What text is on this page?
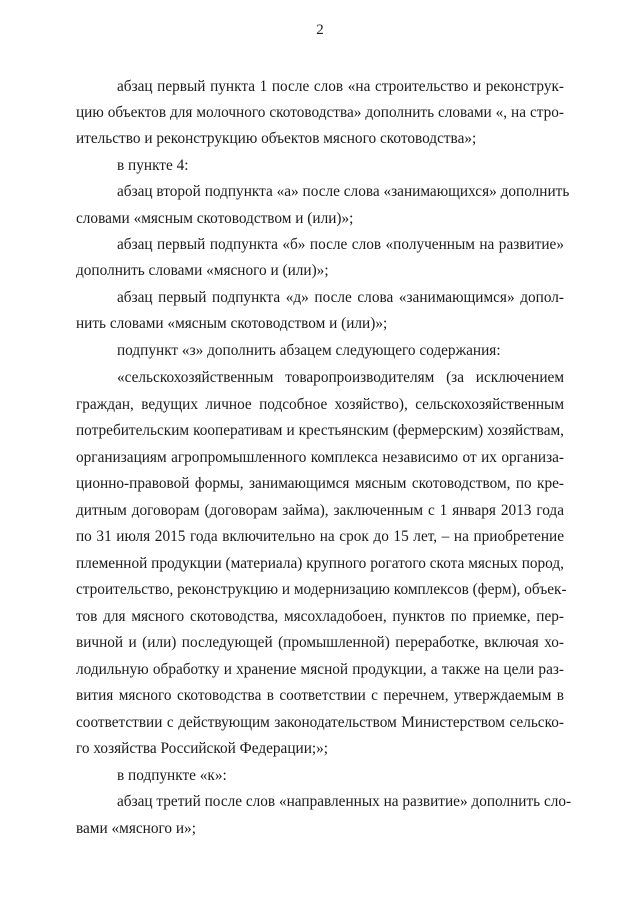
2
абзац первый пункта 1 после слов «на строительство и реконструк-
цию объектов для молочного скотоводства» дополнить словами «, на стро-
ительство и реконструкцию объектов мясного скотоводства»;
в пункте 4:
абзац второй подпункта «а» после слова «занимающихся» дополнить
словами «мясным скотоводством и (или)»;
абзац первый подпункта «б» после слов «полученным на развитие»
дополнить словами «мясного и (или)»;
абзац первый подпункта «д» после слова «занимающимся» допол-
нить словами «мясным скотоводством и (или)»;
подпункт «з» дополнить абзацем следующего содержания:
«сельскохозяйственным товаропроизводителям (за исключением
граждан, ведущих личное подсобное хозяйство), сельскохозяйственным
потребительским кооперативам и крестьянским (фермерским) хозяйствам,
организациям агропромышленного комплекса независимо от их организа-
ционно-правовой формы, занимающимся мясным скотоводством, по кре-
дитным договорам (договорам займа), заключенным с 1 января 2013 года
по 31 июля 2015 года включительно на срок до 15 лет, – на приобретение
племенной продукции (материала) крупного рогатого скота мясных пород,
строительство, реконструкцию и модернизацию комплексов (ферм), объек-
тов для мясного скотоводства, мясохладобоен, пунктов по приемке, пер-
вичной и (или) последующей (промышленной) переработке, включая хо-
лодильную обработку и хранение мясной продукции, а также на цели раз-
вития мясного скотоводства в соответствии с перечнем, утверждаемым в
соответствии с действующим законодательством Министерством сельско-
го хозяйства Российской Федерации;»;
в подпункте «к»:
абзац третий после слов «направленных на развитие» дополнить сло-
вами «мясного и»;
